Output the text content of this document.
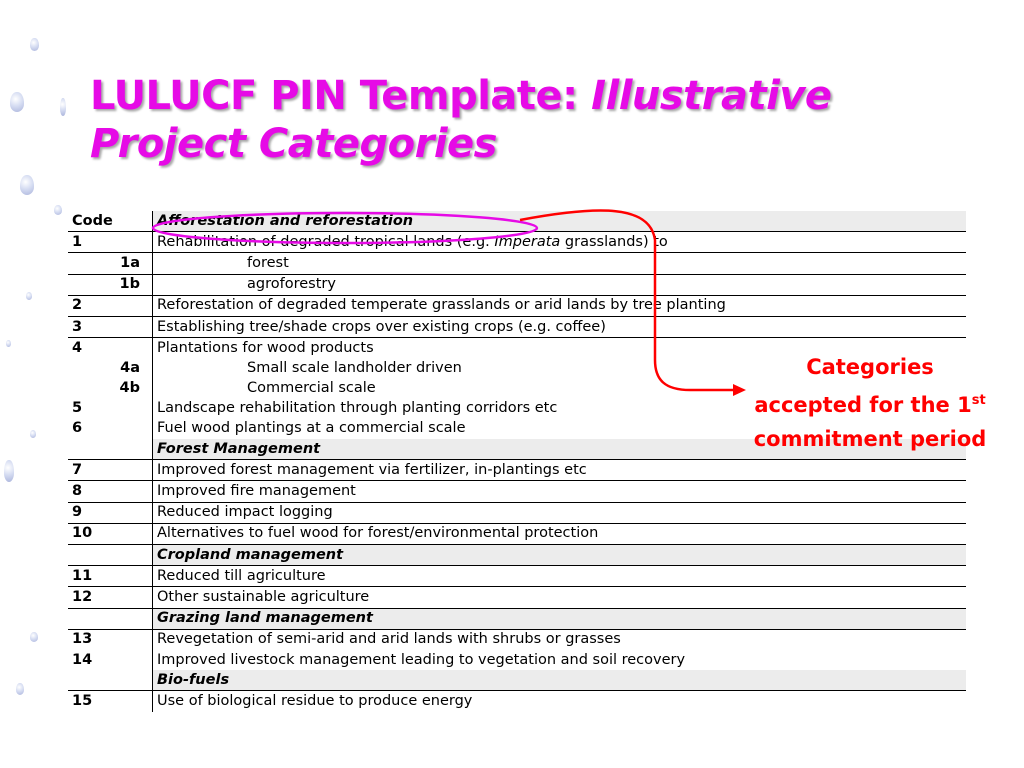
LULUCF PIN Template: Illustrative Project Categories
Code	Afforestation and reforestation
1	Rehabilitation of degraded tropical lands (e.g. Imperata grasslands) to
1a	forest
1b	agroforestry
2	Reforestation of degraded temperate grasslands or arid lands by tree planting
3	Establishing tree/shade crops over existing crops (e.g. coffee)
4	Plantations for wood products
4a	Small scale landholder driven
4b	Commercial scale
5	Landscape rehabilitation through planting corridors etc
6	Fuel wood plantings at a commercial scale
	Forest Management
7	Improved forest management via fertilizer, in-plantings etc
8	Improved fire management
9	Reduced impact logging
10	Alternatives to fuel wood for forest/environmental protection
	Cropland management
11	Reduced till agriculture
12	Other sustainable agriculture
	Grazing land management
13	Revegetation of semi-arid and arid lands with shrubs or grasses
14	Improved livestock management leading to vegetation and soil recovery
	Bio-fuels
15	Use of biological residue to produce energy
Categories
accepted for the 1st
commitment period
